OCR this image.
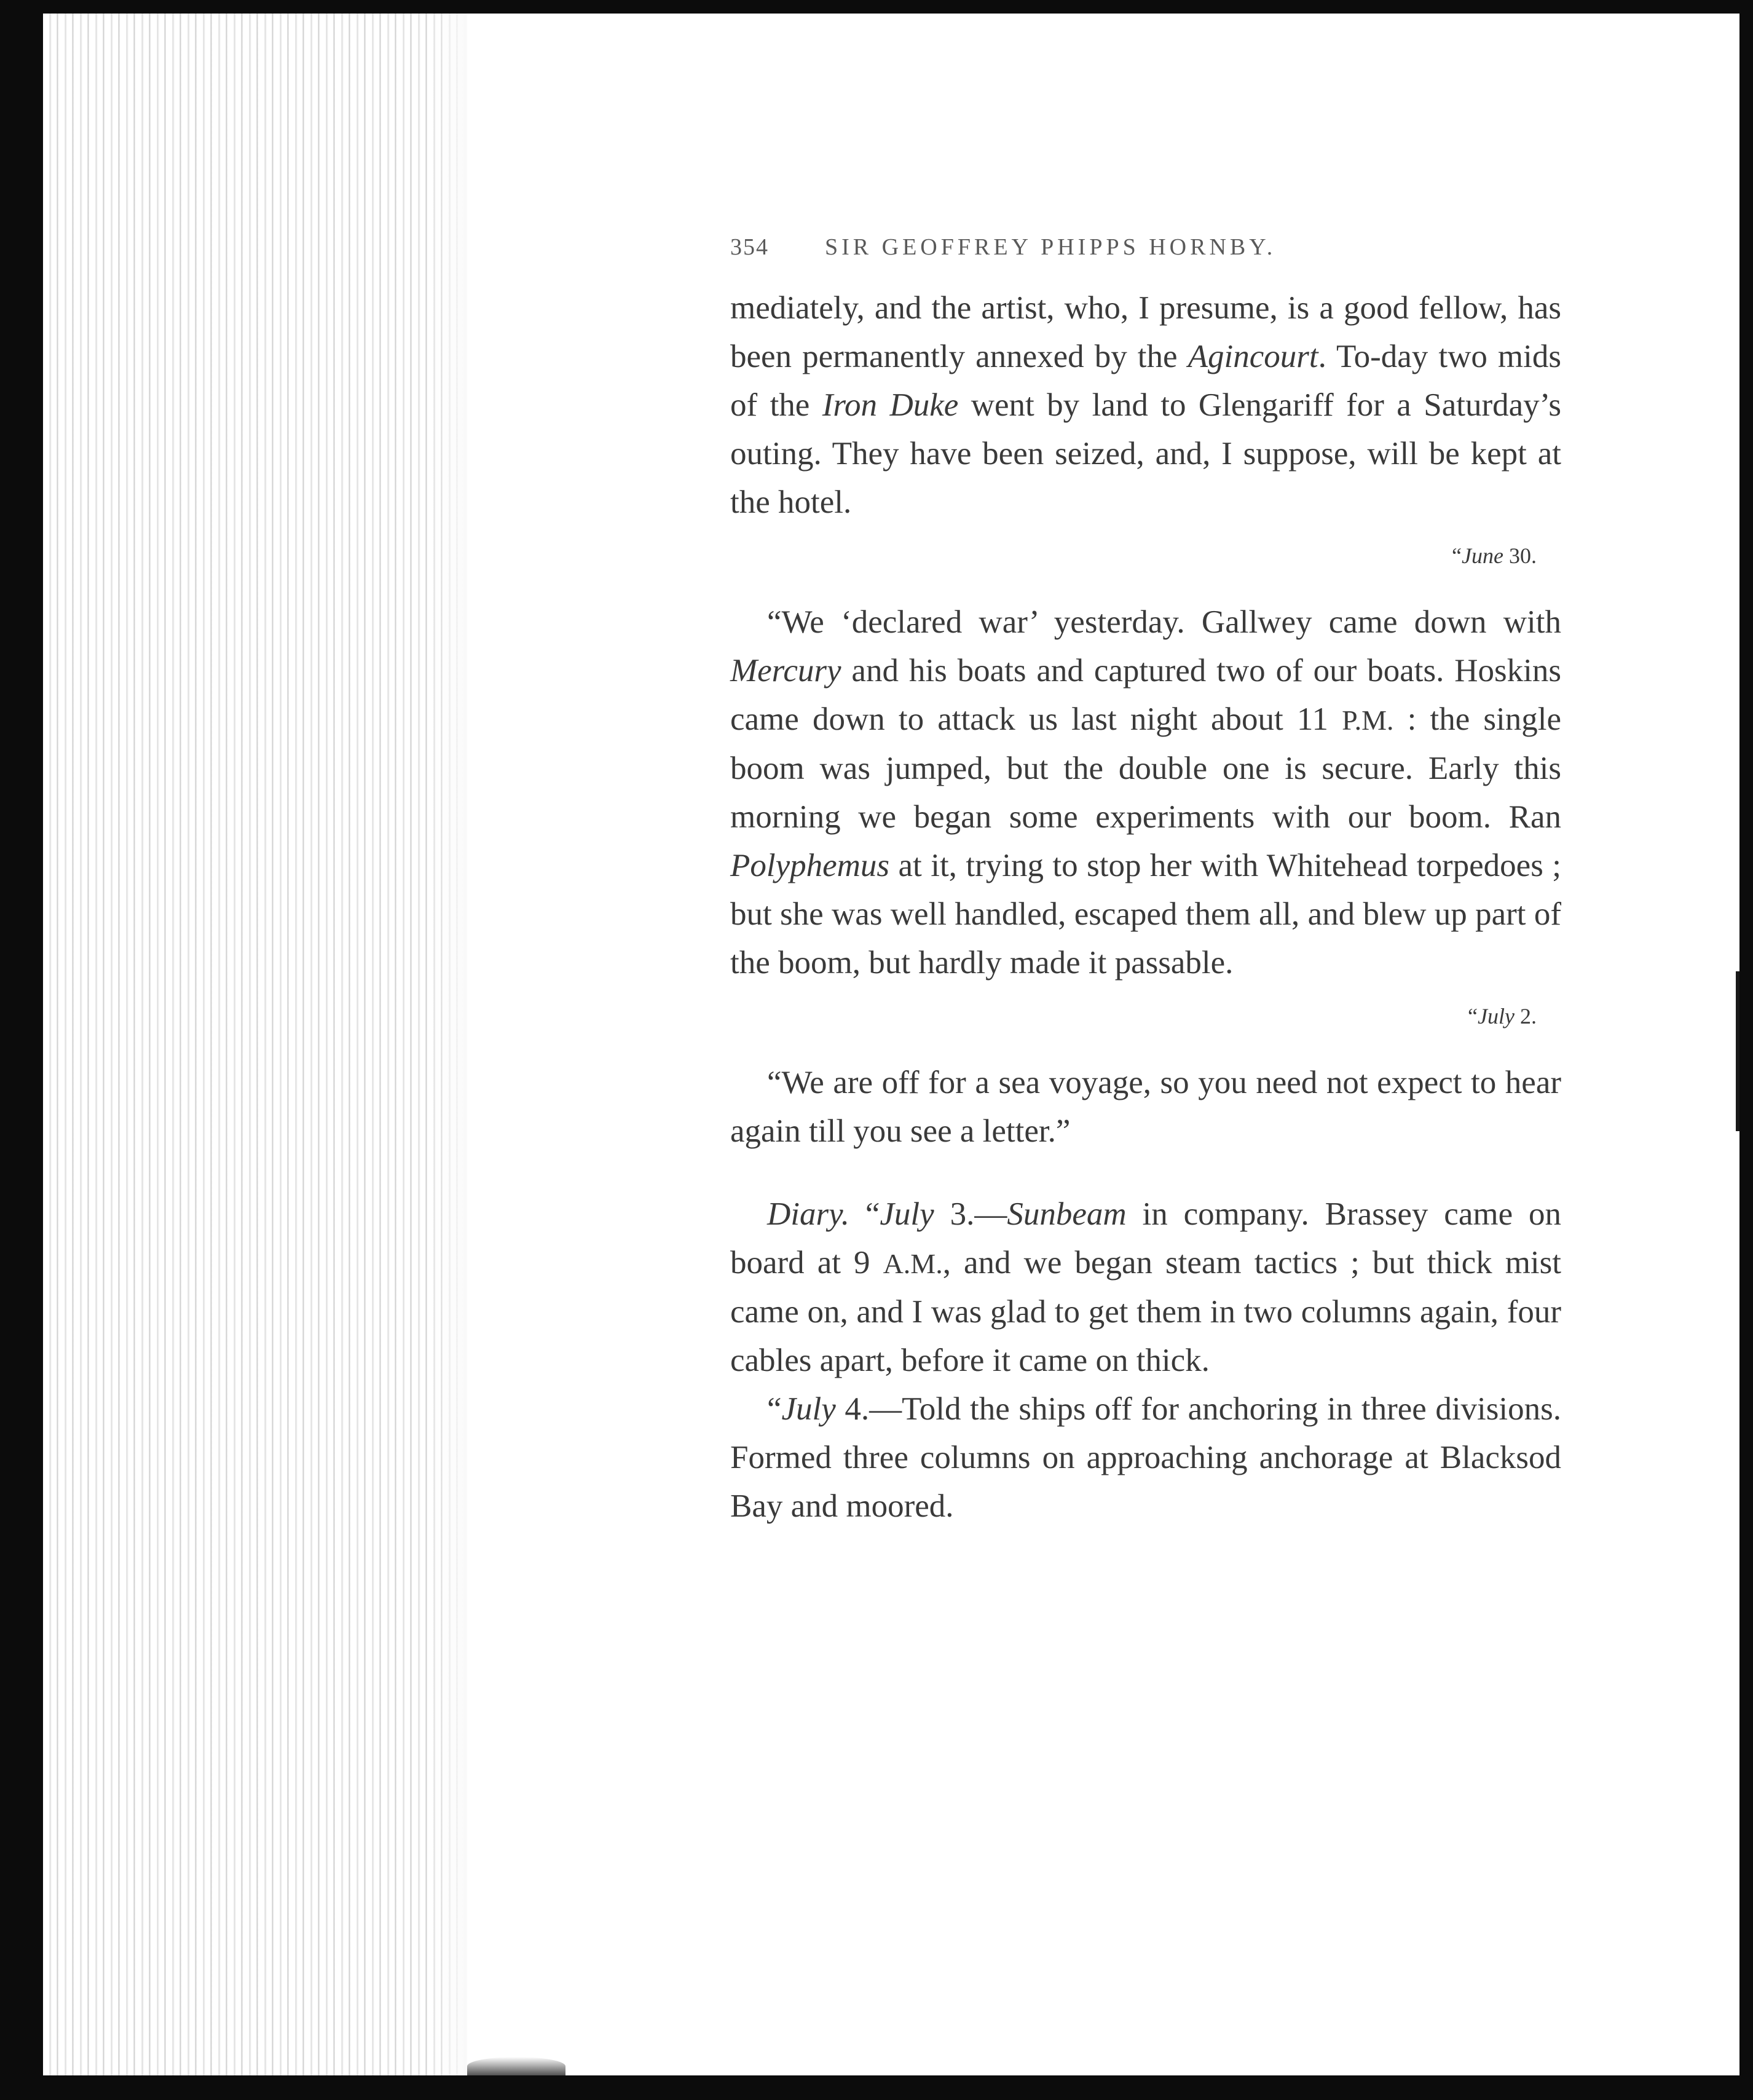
354	SIR GEOFFREY PHIPPS HORNBY.

mediately, and the artist, who, I presume, is a good fellow, has been permanently annexed by the Agincourt. To-day two mids of the Iron Duke went by land to Glengariff for a Saturday’s outing. They have been seized, and, I suppose, will be kept at the hotel.

“June 30.

“We ‘declared war’ yesterday. Gallwey came down with Mercury and his boats and captured two of our boats. Hoskins came down to attack us last night about 11 P.M. : the single boom was jumped, but the double one is secure. Early this morning we began some experiments with our boom. Ran Polyphemus at it, trying to stop her with Whitehead torpedoes ; but she was well handled, escaped them all, and blew up part of the boom, but hardly made it passable.

“July 2.

“We are off for a sea voyage, so you need not expect to hear again till you see a letter.”

Diary. “July 3.—Sunbeam in company. Brassey came on board at 9 A.M., and we began steam tactics ; but thick mist came on, and I was glad to get them in two columns again, four cables apart, before it came on thick.

“July 4.—Told the ships off for anchoring in three divisions. Formed three columns on approaching anchorage at Blacksod Bay and moored.
